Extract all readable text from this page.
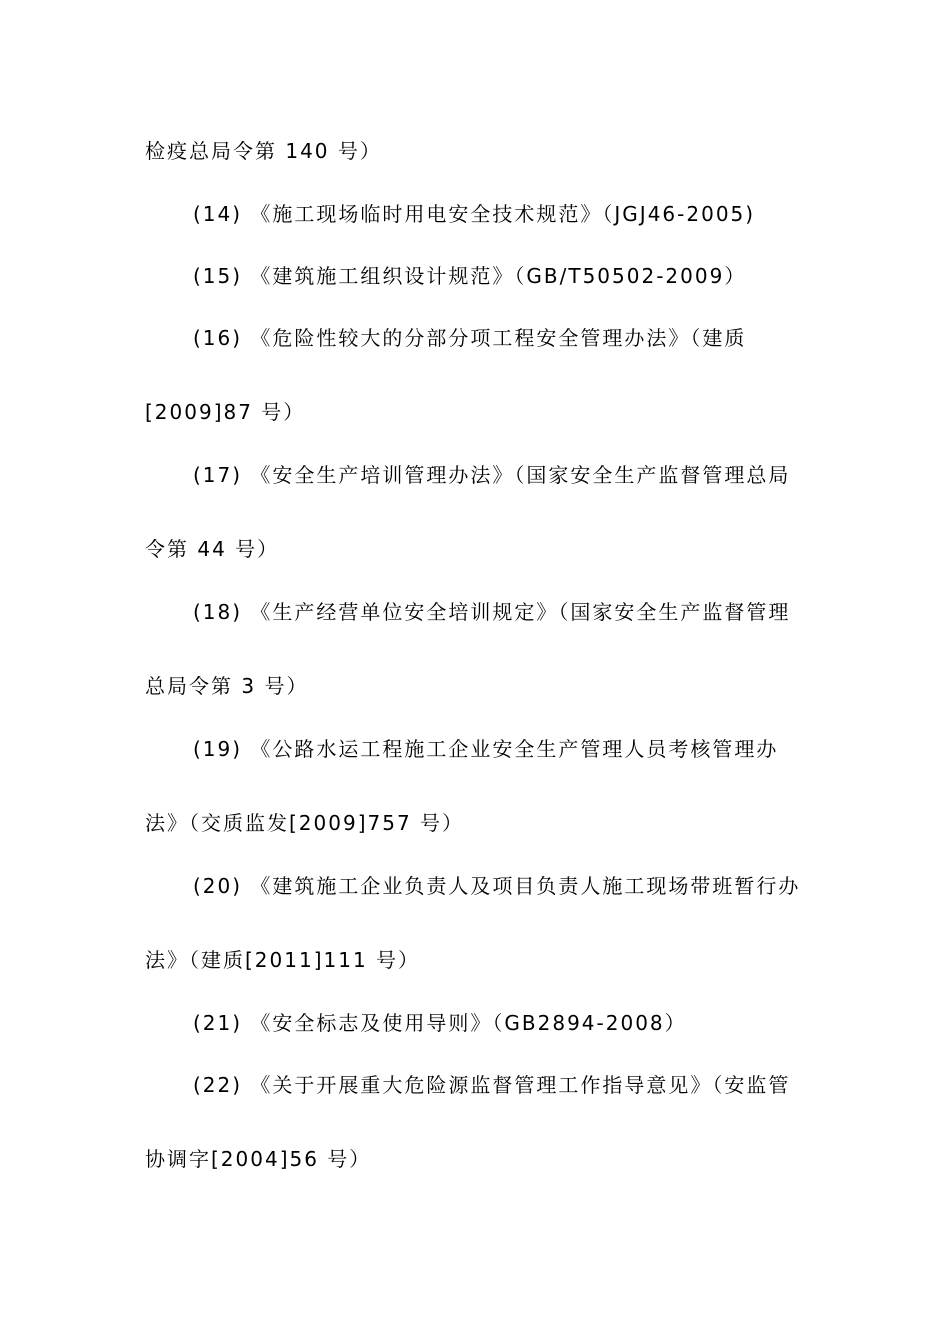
检疫总局令第 140 号）
(14) 《施工现场临时用电安全技术规范》（JGJ46-2005)
(15) 《建筑施工组织设计规范》（GB/T50502-2009）
(16) 《危险性较大的分部分项工程安全管理办法》（建质
[2009]87 号）
(17) 《安全生产培训管理办法》（国家安全生产监督管理总局
令第 44 号）
(18) 《生产经营单位安全培训规定》（国家安全生产监督管理
总局令第 3 号）
(19) 《公路水运工程施工企业安全生产管理人员考核管理办
法》（交质监发[2009]757 号）
(20) 《建筑施工企业负责人及项目负责人施工现场带班暂行办
法》（建质[2011]111 号）
(21) 《安全标志及使用导则》（GB2894-2008）
(22) 《关于开展重大危险源监督管理工作指导意见》（安监管
协调字[2004]56 号）
